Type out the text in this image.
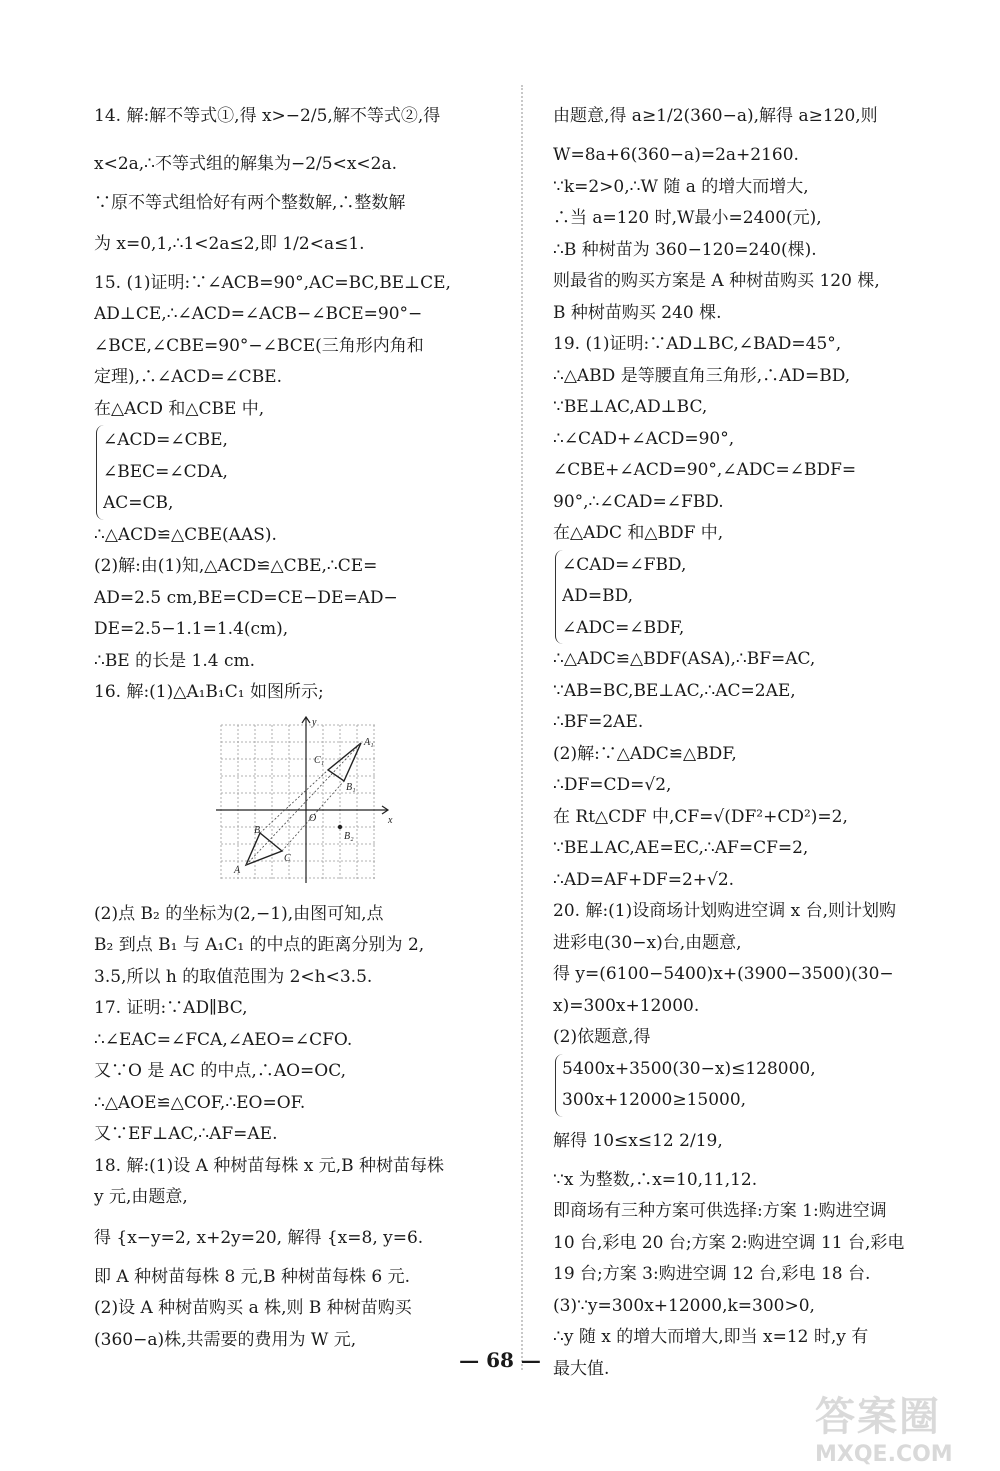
14. 解:解不等式①,得 x>−2/5,解不等式②,得
x<2a,∴不等式组的解集为−2/5<x<2a.
∵原不等式组恰好有两个整数解,∴整数解
为 x=0,1,∴1<2a≤2,即 1/2<a≤1.
15. (1)证明:∵∠ACB=90°,AC=BC,BE⊥CE,
AD⊥CE,∴∠ACD=∠ACB−∠BCE=90°−
∠BCE,∠CBE=90°−∠BCE(三角形内角和
定理),∴∠ACD=∠CBE.
在△ACD 和△CBE 中,
∠ACD=∠CBE,
∠BEC=∠CDA,
AC=CB,
∴△ACD≌△CBE(AAS).
(2)解:由(1)知,△ACD≌△CBE,∴CE=
AD=2.5 cm,BE=CD=CE−DE=AD−
DE=2.5−1.1=1.4(cm),
∴BE 的长是 1.4 cm.
16. 解:(1)△A₁B₁C₁ 如图所示;
x
y
O
A₁
C₁
B₁
B
C
A
B₂
(2)点 B₂ 的坐标为(2,−1),由图可知,点
B₂ 到点 B₁ 与 A₁C₁ 的中点的距离分别为 2,
3.5,所以 h 的取值范围为 2<h<3.5.
17. 证明:∵AD∥BC,
∴∠EAC=∠FCA,∠AEO=∠CFO.
又∵O 是 AC 的中点,∴AO=OC,
∴△AOE≌△COF,∴EO=OF.
又∵EF⊥AC,∴AF=AE.
18. 解:(1)设 A 种树苗每株 x 元,B 种树苗每株
y 元,由题意,
得 {x−y=2, x+2y=20, 解得 {x=8, y=6.
即 A 种树苗每株 8 元,B 种树苗每株 6 元.
(2)设 A 种树苗购买 a 株,则 B 种树苗购买
(360−a)株,共需要的费用为 W 元,
由题意,得 a≥1/2(360−a),解得 a≥120,则
W=8a+6(360−a)=2a+2160.
∵k=2>0,∴W 随 a 的增大而增大,
∴当 a=120 时,W最小=2400(元),
∴B 种树苗为 360−120=240(棵).
则最省的购买方案是 A 种树苗购买 120 棵,
B 种树苗购买 240 棵.
19. (1)证明:∵AD⊥BC,∠BAD=45°,
∴△ABD 是等腰直角三角形,∴AD=BD,
∵BE⊥AC,AD⊥BC,
∴∠CAD+∠ACD=90°,
∠CBE+∠ACD=90°,∠ADC=∠BDF=
90°,∴∠CAD=∠FBD.
在△ADC 和△BDF 中,
∠CAD=∠FBD,
AD=BD,
∠ADC=∠BDF,
∴△ADC≌△BDF(ASA),∴BF=AC,
∵AB=BC,BE⊥AC,∴AC=2AE,
∴BF=2AE.
(2)解:∵△ADC≌△BDF,
∴DF=CD=√2,
在 Rt△CDF 中,CF=√(DF²+CD²)=2,
∵BE⊥AC,AE=EC,∴AF=CF=2,
∴AD=AF+DF=2+√2.
20. 解:(1)设商场计划购进空调 x 台,则计划购
进彩电(30−x)台,由题意,
得 y=(6100−5400)x+(3900−3500)(30−
x)=300x+12000.
(2)依题意,得
5400x+3500(30−x)≤128000,
300x+12000≥15000,
解得 10≤x≤12 2/19,
∵x 为整数,∴x=10,11,12.
即商场有三种方案可供选择:方案 1:购进空调
10 台,彩电 20 台;方案 2:购进空调 11 台,彩电
19 台;方案 3:购进空调 12 台,彩电 18 台.
(3)∵y=300x+12000,k=300>0,
∴y 随 x 的增大而增大,即当 x=12 时,y 有
最大值.
— 68 —
答案圈
MXQE.COM
